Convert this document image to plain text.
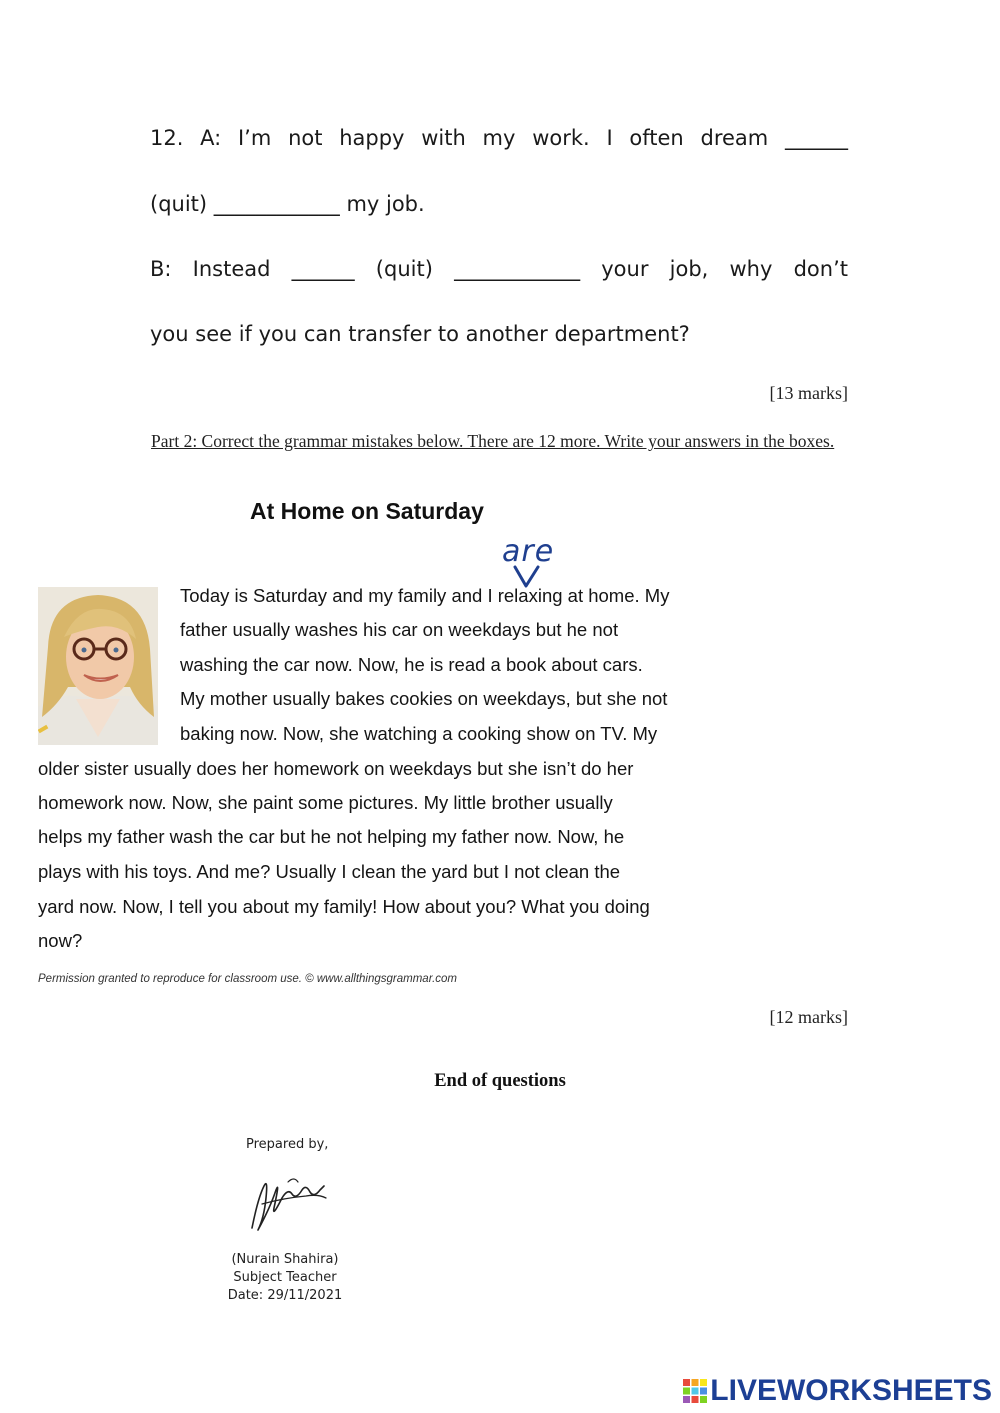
12. A: I’m not happy with my work. I often dream ______
(quit) ____________ my job.
B: Instead ______ (quit) ____________ your job, why don’t
you see if you can transfer to another department?
[13 marks]
Part 2: Correct the grammar mistakes below. There are 12 more. Write your answers in the boxes.
At Home on Saturday
are
Today is Saturday and my family and I relaxing at home. My
father usually washes his car on weekdays but he not
washing the car now. Now, he is read a book about cars.
My mother usually bakes cookies on weekdays, but she not
baking now. Now, she watching a cooking show on TV. My
older sister usually does her homework on weekdays but she isn’t do her
homework now. Now, she paint some pictures. My little brother usually
helps my father wash the car but he not helping my father now. Now, he
plays with his toys. And me? Usually I clean the yard but I not clean the
yard now. Now, I tell you about my family! How about you? What you doing
now?
Permission granted to reproduce for classroom use. © www.allthingsgrammar.com
[12 marks]
End of questions
Prepared by,
(Nurain Shahira)
Subject Teacher
Date: 29/11/2021
LIVEWORKSHEETS
